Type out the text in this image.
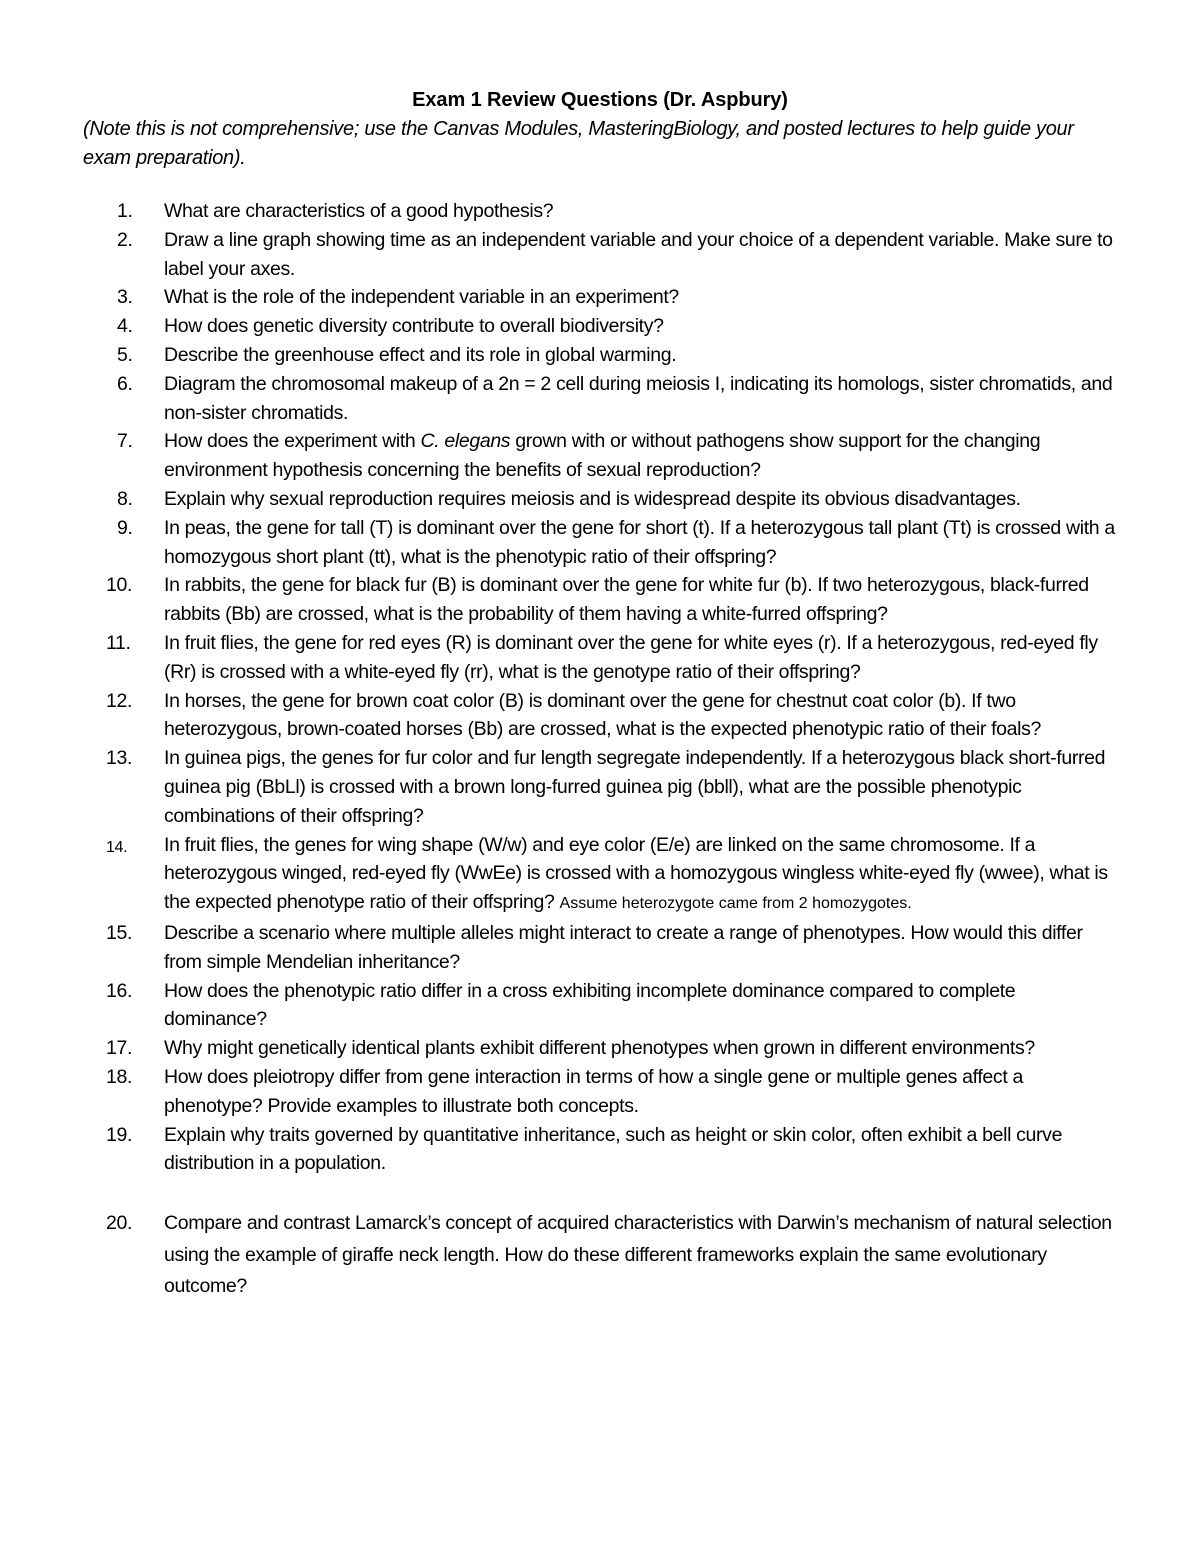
Exam 1 Review Questions (Dr. Aspbury)
(Note this is not comprehensive; use the Canvas Modules, MasteringBiology, and posted lectures to help guide your exam preparation).
1. What are characteristics of a good hypothesis?
2. Draw a line graph showing time as an independent variable and your choice of a dependent variable. Make sure to label your axes.
3. What is the role of the independent variable in an experiment?
4. How does genetic diversity contribute to overall biodiversity?
5. Describe the greenhouse effect and its role in global warming.
6. Diagram the chromosomal makeup of a 2n = 2 cell during meiosis I, indicating its homologs, sister chromatids, and non-sister chromatids.
7. How does the experiment with C. elegans grown with or without pathogens show support for the changing environment hypothesis concerning the benefits of sexual reproduction?
8. Explain why sexual reproduction requires meiosis and is widespread despite its obvious disadvantages.
9. In peas, the gene for tall (T) is dominant over the gene for short (t). If a heterozygous tall plant (Tt) is crossed with a homozygous short plant (tt), what is the phenotypic ratio of their offspring?
10. In rabbits, the gene for black fur (B) is dominant over the gene for white fur (b). If two heterozygous, black-furred rabbits (Bb) are crossed, what is the probability of them having a white-furred offspring?
11. In fruit flies, the gene for red eyes (R) is dominant over the gene for white eyes (r). If a heterozygous, red-eyed fly (Rr) is crossed with a white-eyed fly (rr), what is the genotype ratio of their offspring?
12. In horses, the gene for brown coat color (B) is dominant over the gene for chestnut coat color (b). If two heterozygous, brown-coated horses (Bb) are crossed, what is the expected phenotypic ratio of their foals?
13. In guinea pigs, the genes for fur color and fur length segregate independently. If a heterozygous black short-furred guinea pig (BbLl) is crossed with a brown long-furred guinea pig (bbll), what are the possible phenotypic combinations of their offspring?
14. In fruit flies, the genes for wing shape (W/w) and eye color (E/e) are linked on the same chromosome. If a heterozygous winged, red-eyed fly (WwEe) is crossed with a homozygous wingless white-eyed fly (wwee), what is the expected phenotype ratio of their offspring? Assume heterozygote came from 2 homozygotes.
15. Describe a scenario where multiple alleles might interact to create a range of phenotypes. How would this differ from simple Mendelian inheritance?
16. How does the phenotypic ratio differ in a cross exhibiting incomplete dominance compared to complete dominance?
17. Why might genetically identical plants exhibit different phenotypes when grown in different environments?
18. How does pleiotropy differ from gene interaction in terms of how a single gene or multiple genes affect a phenotype? Provide examples to illustrate both concepts.
19. Explain why traits governed by quantitative inheritance, such as height or skin color, often exhibit a bell curve distribution in a population.
20. Compare and contrast Lamarck’s concept of acquired characteristics with Darwin’s mechanism of natural selection using the example of giraffe neck length. How do these different frameworks explain the same evolutionary outcome?
